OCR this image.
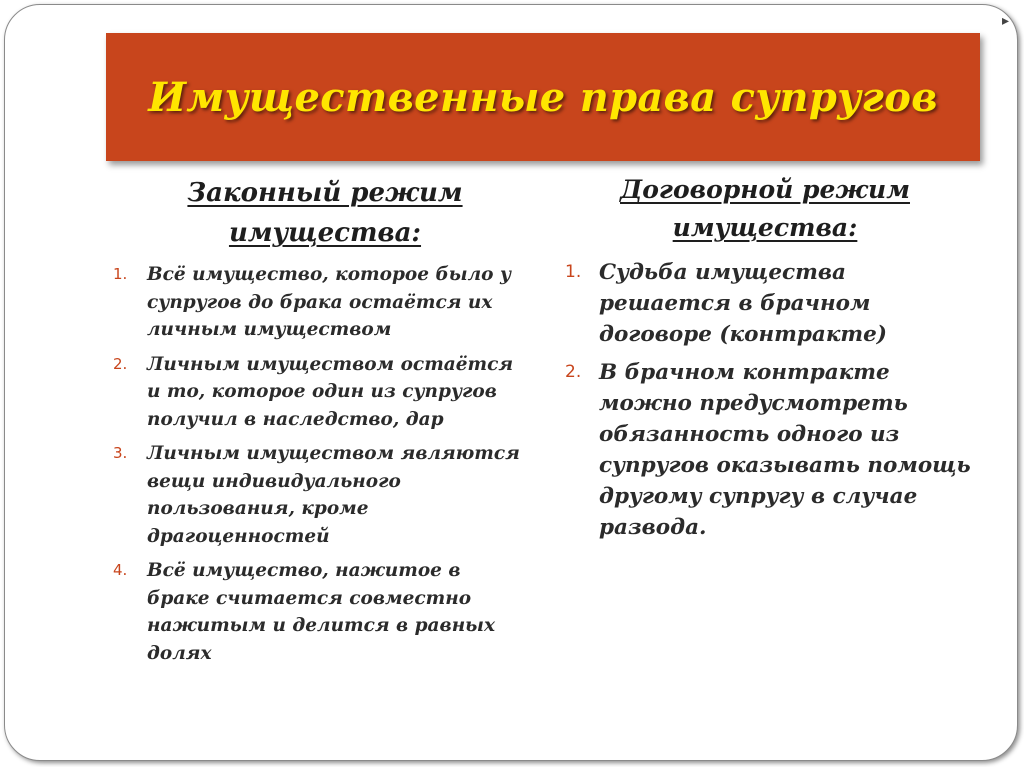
▸
Имущественные права супругов
Законный режим
имущества:
Договорной режим
имущества:
1. Всё имущество, которое было у супругов до брака остаётся их личным имуществом
2. Личным имуществом остаётся и то, которое один из супругов получил в наследство, дар
3. Личным имуществом являются вещи индивидуального пользования, кроме драгоценностей
4. Всё имущество, нажитое в браке считается совместно нажитым и делится в равных долях
1. Судьба имущества решается в брачном договоре (контракте)
2. В брачном контракте можно предусмотреть обязанность одного из супругов оказывать помощь другому супругу в случае развода.
